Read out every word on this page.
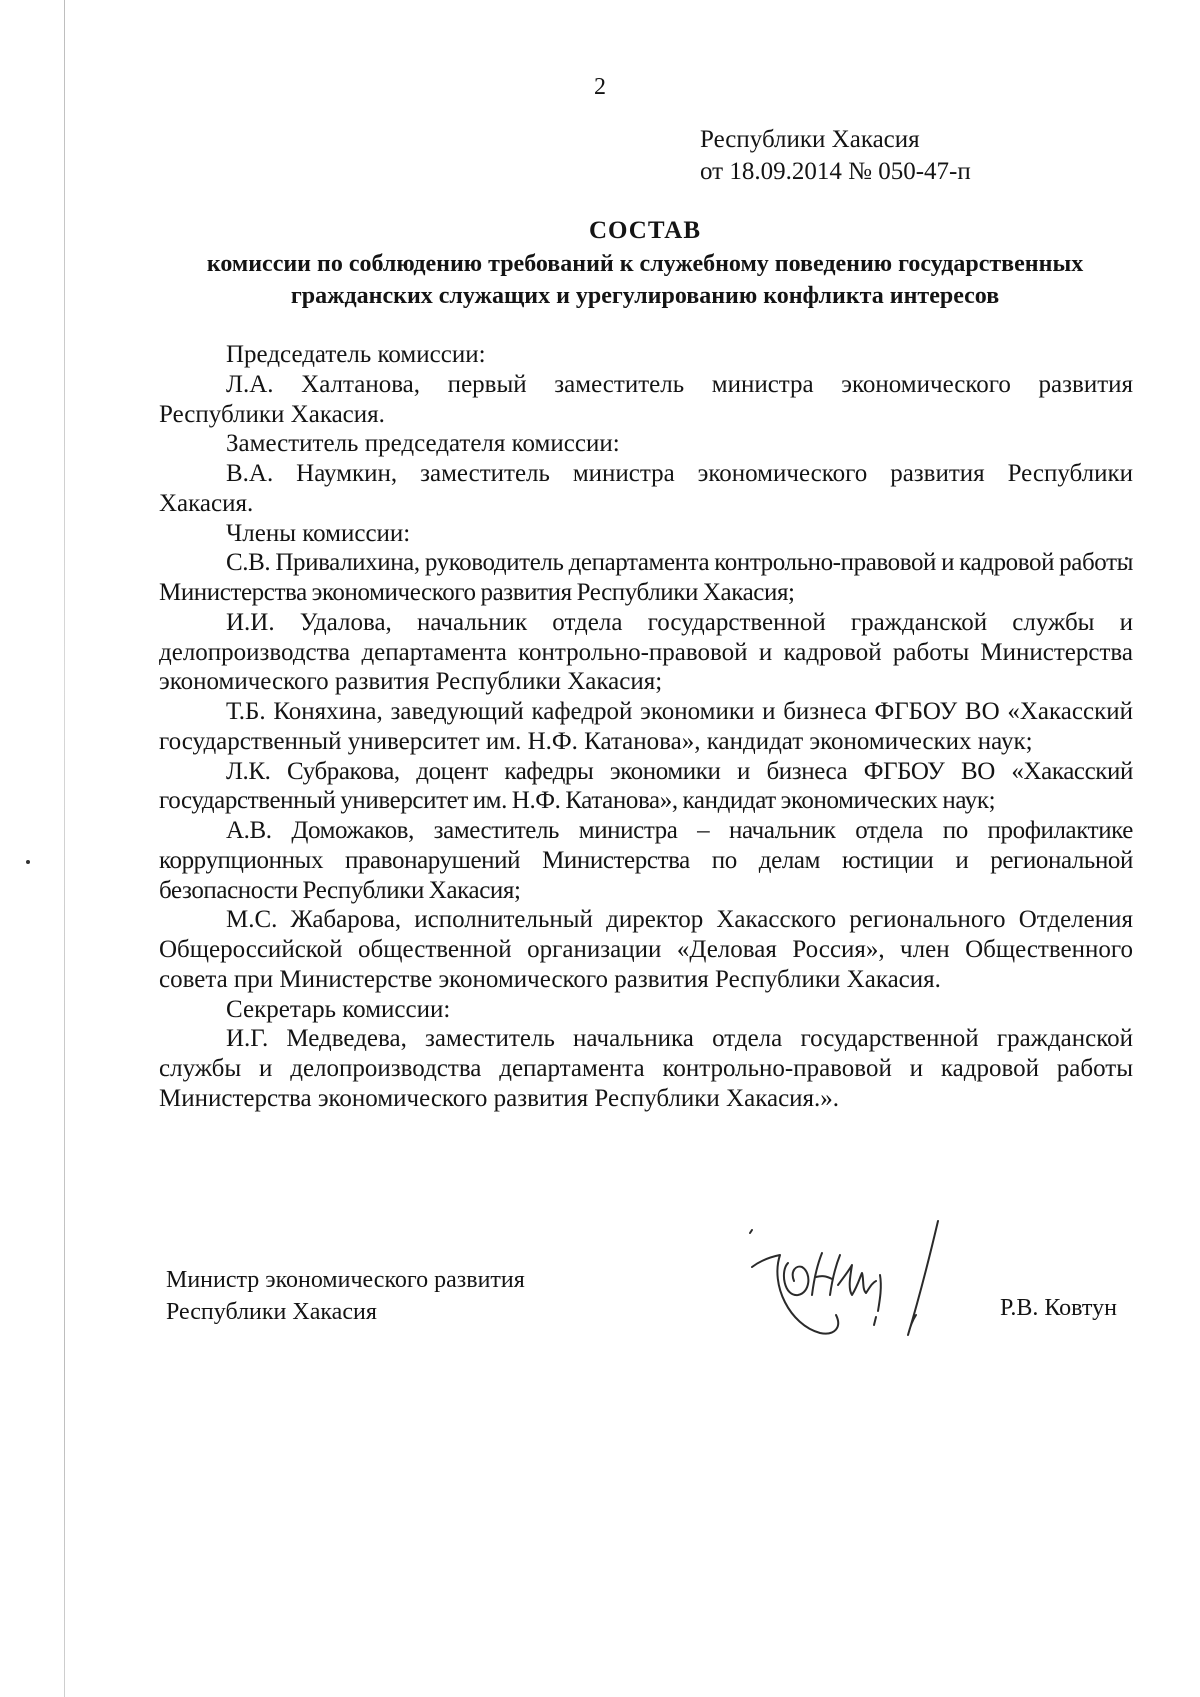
2
Республики Хакасия
от 18.09.2014 № 050-47-п
СОСТАВ
комиссии по соблюдению требований к служебному поведению государственных
гражданских служащих и урегулированию конфликта интересов

Председатель комиссии:

Л.А. Халтанова, первый заместитель министра экономического развития Республики Хакасия.

Заместитель председателя комиссии:

В.А. Наумкин, заместитель министра экономического развития Республики Хакасия.

Члены комиссии:

С.В. Привалихина, руководитель департамента контрольно-правовой и кадровой работы Министерства экономического развития Республики Хакасия;

И.И. Удалова, начальник отдела государственной гражданской службы и делопроизводства департамента контрольно-правовой и кадровой работы Министерства экономического развития Республики Хакасия;

Т.Б. Коняхина, заведующий кафедрой экономики и бизнеса ФГБОУ ВО «Хакасский государственный университет им. Н.Ф. Катанова», кандидат экономических наук;

Л.К. Субракова, доцент кафедры экономики и бизнеса ФГБОУ ВО «Хакасский государственный университет им. Н.Ф. Катанова», кандидат экономических наук;

А.В. Доможаков, заместитель министра – начальник отдела по профилактике коррупционных правонарушений Министерства по делам юстиции и региональной безопасности Республики Хакасия;

М.С. Жабарова, исполнительный директор Хакасского регионального Отделения Общероссийской общественной организации «Деловая Россия», член Общественного совета при Министерстве экономического развития Республики Хакасия.

Секретарь комиссии:

И.Г. Медведева, заместитель начальника отдела государственной гражданской службы и делопроизводства департамента контрольно-правовой и кадровой работы Министерства экономического развития Республики Хакасия.».

Министр экономического развития
Республики Хакасия	Р.В. Ковтун
